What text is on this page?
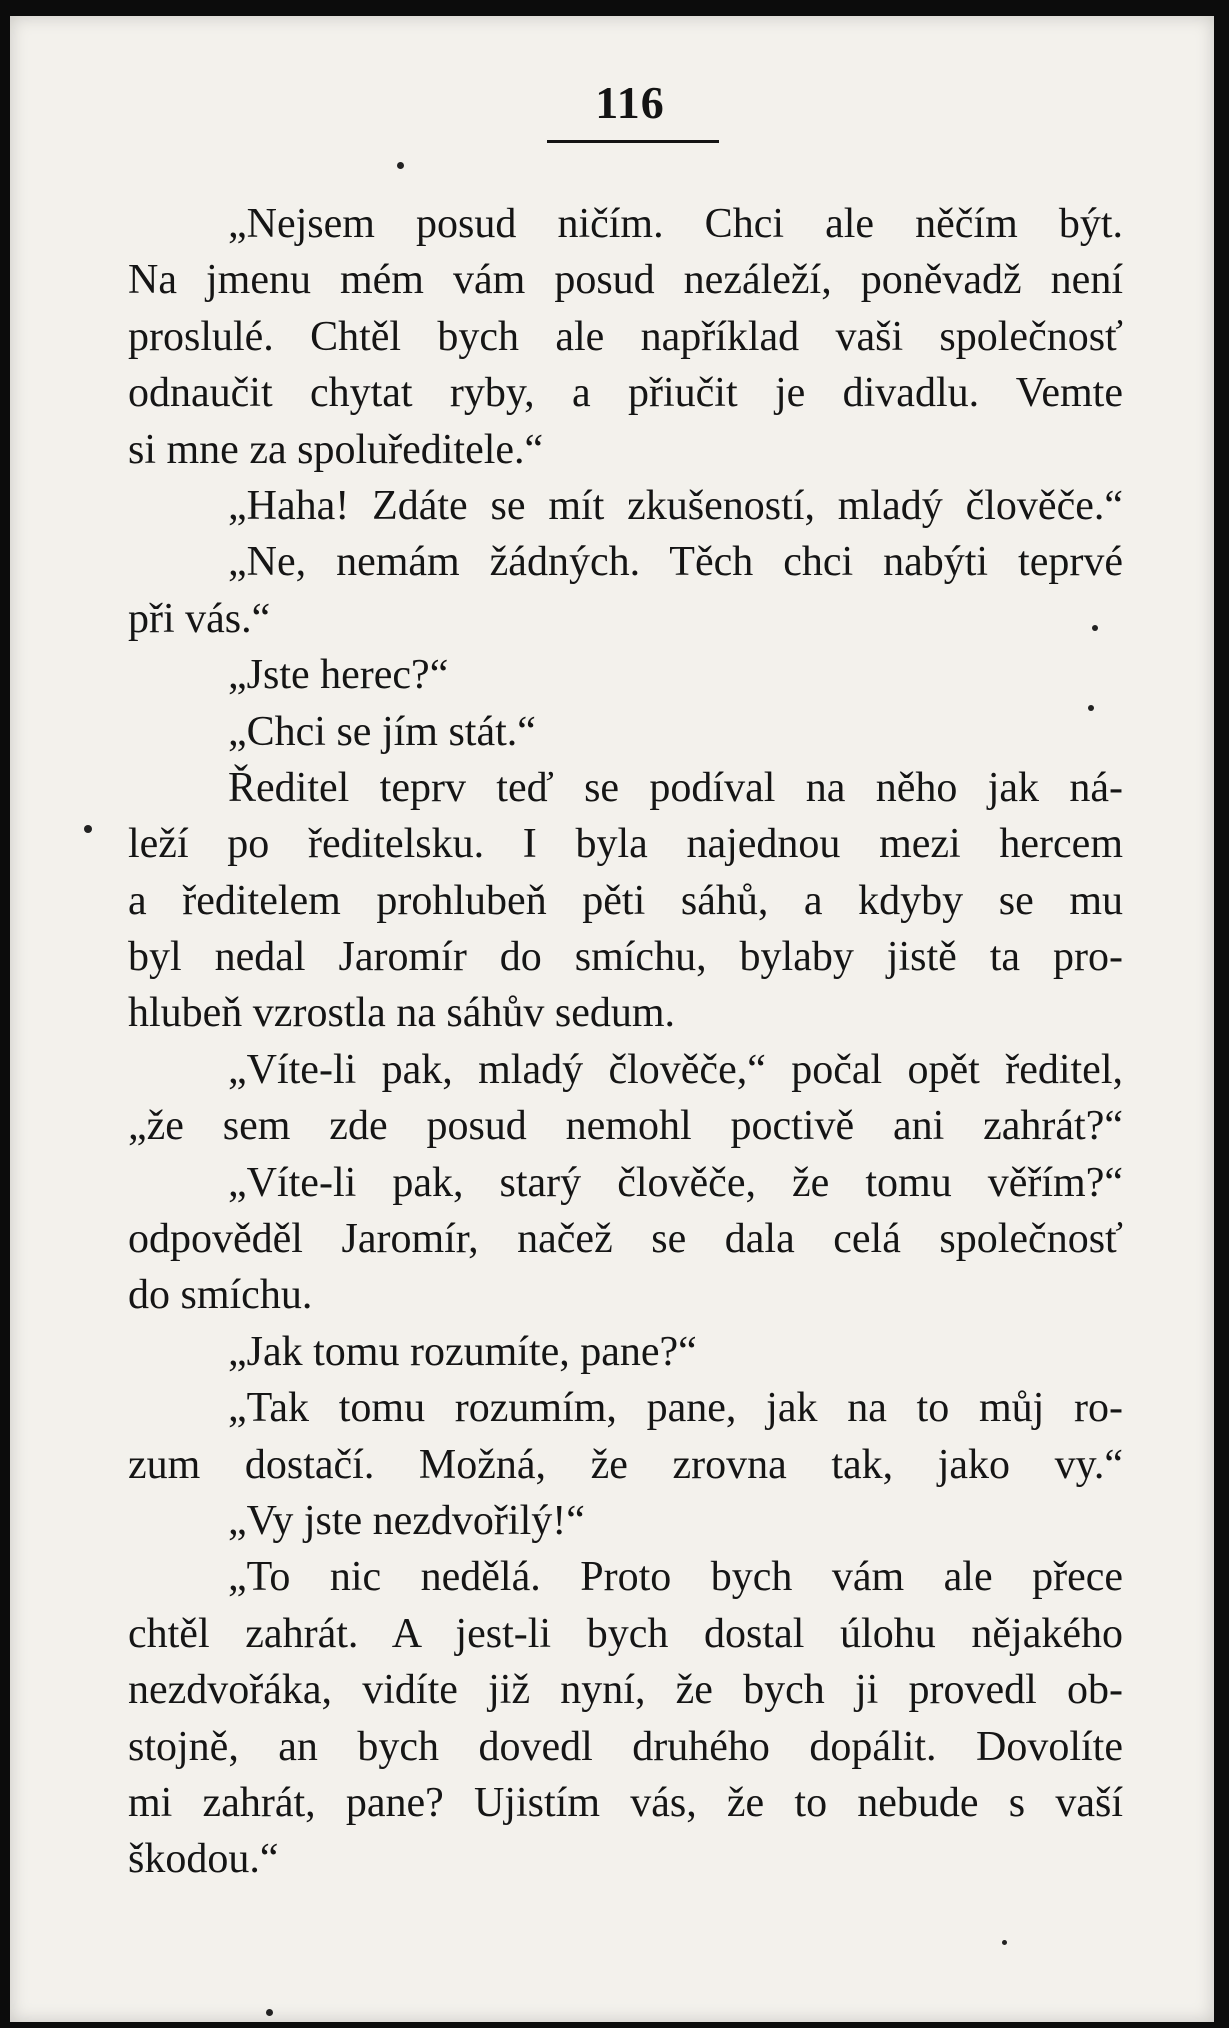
116
„Nejsem posud ničím. Chci ale něčím být.
Na jmenu mém vám posud nezáleží, poněvadž není
proslulé. Chtěl bych ale například vaši společnosť
odnaučit chytat ryby, a přiučit je divadlu. Vemte
si mne za spoluředitele.“
„Haha! Zdáte se mít zkušeností, mladý člověče.“
„Ne, nemám žádných. Těch chci nabýti teprvé
při vás.“
„Jste herec?“
„Chci se jím stát.“
Ředitel teprv teď se podíval na něho jak ná-
leží po ředitelsku. I byla najednou mezi hercem
a ředitelem prohlubeň pěti sáhů, a kdyby se mu
byl nedal Jaromír do smíchu, bylaby jistě ta pro-
hlubeň vzrostla na sáhův sedum.
„Víte-li pak, mladý člověče,“ počal opět ředitel,
„že sem zde posud nemohl poctivě ani zahrát?“
„Víte-li pak, starý člověče, že tomu věřím?“
odpověděl Jaromír, načež se dala celá společnosť
do smíchu.
„Jak tomu rozumíte, pane?“
„Tak tomu rozumím, pane, jak na to můj ro-
zum dostačí. Možná, že zrovna tak, jako vy.“
„Vy jste nezdvořilý!“
„To nic nedělá. Proto bych vám ale přece
chtěl zahrát. A jest-li bych dostal úlohu nějakého
nezdvořáka, vidíte již nyní, že bych ji provedl ob-
stojně, an bych dovedl druhého dopálit. Dovolíte
mi zahrát, pane? Ujistím vás, že to nebude s vaší
škodou.“
